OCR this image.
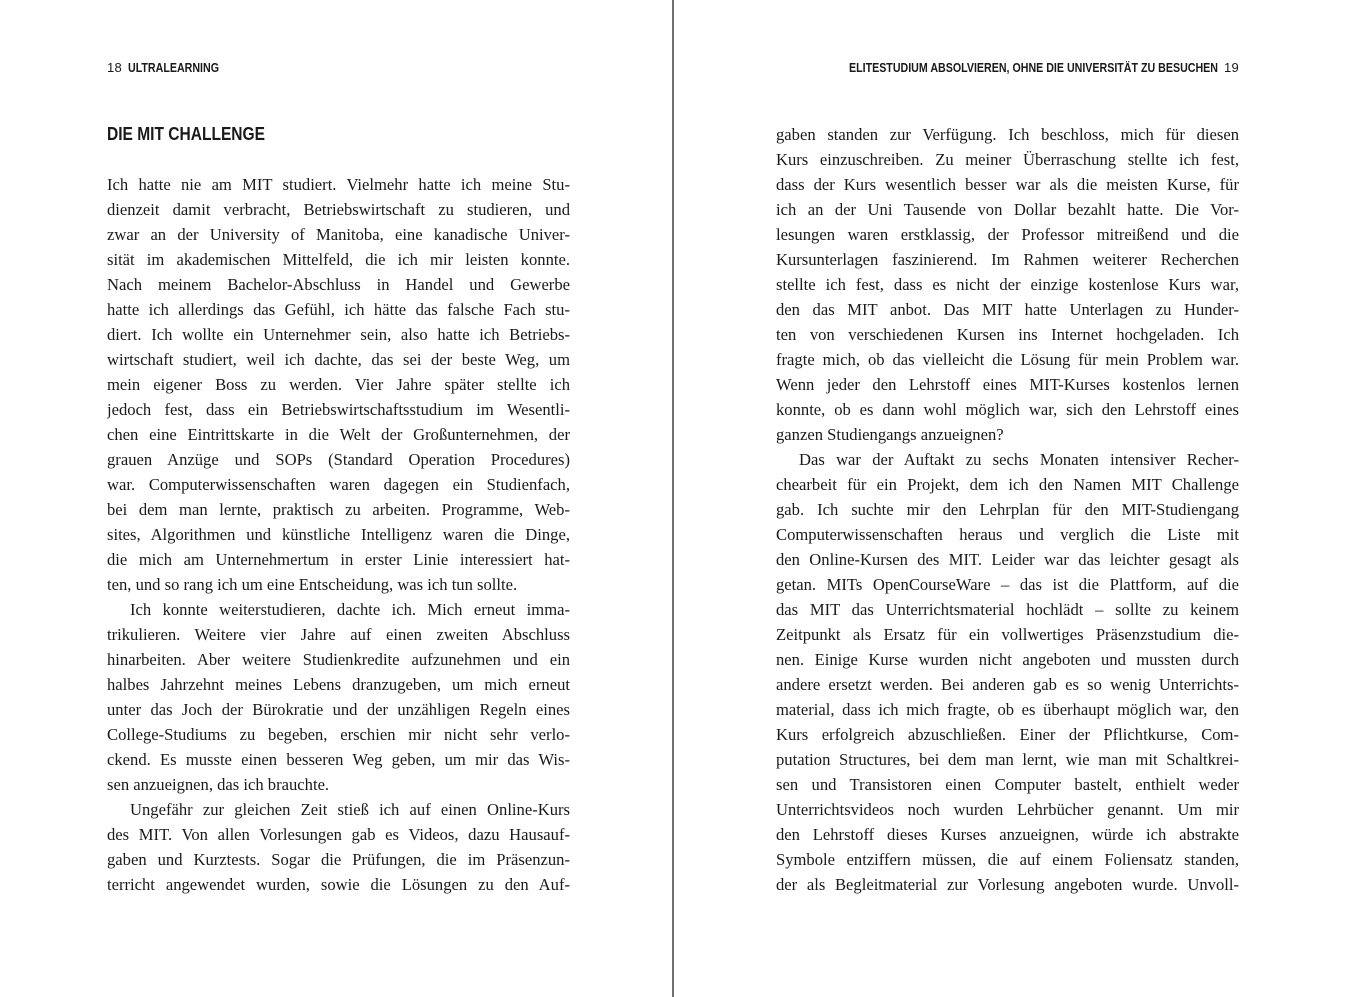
18 ULTRALEARNING
DIE MIT CHALLENGE
Ich hatte nie am MIT studiert. Vielmehr hatte ich meine Stu-
dienzeit damit verbracht, Betriebswirtschaft zu studieren, und
zwar an der University of Manitoba, eine kanadische Univer-
sität im akademischen Mittelfeld, die ich mir leisten konnte.
Nach meinem Bachelor-Abschluss in Handel und Gewerbe
hatte ich allerdings das Gefühl, ich hätte das falsche Fach stu-
diert. Ich wollte ein Unternehmer sein, also hatte ich Betriebs-
wirtschaft studiert, weil ich dachte, das sei der beste Weg, um
mein eigener Boss zu werden. Vier Jahre später stellte ich
jedoch fest, dass ein Betriebswirtschaftsstudium im Wesentli-
chen eine Eintrittskarte in die Welt der Großunternehmen, der
grauen Anzüge und SOPs (Standard Operation Procedures)
war. Computerwissenschaften waren dagegen ein Studienfach,
bei dem man lernte, praktisch zu arbeiten. Programme, Web-
sites, Algorithmen und künstliche Intelligenz waren die Dinge,
die mich am Unternehmertum in erster Linie interessiert hat-
ten, und so rang ich um eine Entscheidung, was ich tun sollte.
Ich konnte weiterstudieren, dachte ich. Mich erneut imma-
trikulieren. Weitere vier Jahre auf einen zweiten Abschluss
hinarbeiten. Aber weitere Studienkredite aufzunehmen und ein
halbes Jahrzehnt meines Lebens dranzugeben, um mich erneut
unter das Joch der Bürokratie und der unzähligen Regeln eines
College-Studiums zu begeben, erschien mir nicht sehr verlo-
ckend. Es musste einen besseren Weg geben, um mir das Wis-
sen anzueignen, das ich brauchte.
Ungefähr zur gleichen Zeit stieß ich auf einen Online-Kurs
des MIT. Von allen Vorlesungen gab es Videos, dazu Hausauf-
gaben und Kurztests. Sogar die Prüfungen, die im Präsenzun-
terricht angewendet wurden, sowie die Lösungen zu den Auf-
ELITESTUDIUM ABSOLVIEREN, OHNE DIE UNIVERSITÄT ZU BESUCHEN 19
gaben standen zur Verfügung. Ich beschloss, mich für diesen
Kurs einzuschreiben. Zu meiner Überraschung stellte ich fest,
dass der Kurs wesentlich besser war als die meisten Kurse, für
ich an der Uni Tausende von Dollar bezahlt hatte. Die Vor-
lesungen waren erstklassig, der Professor mitreißend und die
Kursunterlagen faszinierend. Im Rahmen weiterer Recherchen
stellte ich fest, dass es nicht der einzige kostenlose Kurs war,
den das MIT anbot. Das MIT hatte Unterlagen zu Hunder-
ten von verschiedenen Kursen ins Internet hochgeladen. Ich
fragte mich, ob das vielleicht die Lösung für mein Problem war.
Wenn jeder den Lehrstoff eines MIT-Kurses kostenlos lernen
konnte, ob es dann wohl möglich war, sich den Lehrstoff eines
ganzen Studiengangs anzueignen?
Das war der Auftakt zu sechs Monaten intensiver Recher-
chearbeit für ein Projekt, dem ich den Namen MIT Challenge
gab. Ich suchte mir den Lehrplan für den MIT-Studiengang
Computerwissenschaften heraus und verglich die Liste mit
den Online-Kursen des MIT. Leider war das leichter gesagt als
getan. MITs OpenCourseWare – das ist die Plattform, auf die
das MIT das Unterrichtsmaterial hochlädt – sollte zu keinem
Zeitpunkt als Ersatz für ein vollwertiges Präsenzstudium die-
nen. Einige Kurse wurden nicht angeboten und mussten durch
andere ersetzt werden. Bei anderen gab es so wenig Unterrichts-
material, dass ich mich fragte, ob es überhaupt möglich war, den
Kurs erfolgreich abzuschließen. Einer der Pflichtkurse, Com-
putation Structures, bei dem man lernt, wie man mit Schaltkrei-
sen und Transistoren einen Computer bastelt, enthielt weder
Unterrichtsvideos noch wurden Lehrbücher genannt. Um mir
den Lehrstoff dieses Kurses anzueignen, würde ich abstrakte
Symbole entziffern müssen, die auf einem Foliensatz standen,
der als Begleitmaterial zur Vorlesung angeboten wurde. Unvoll-
